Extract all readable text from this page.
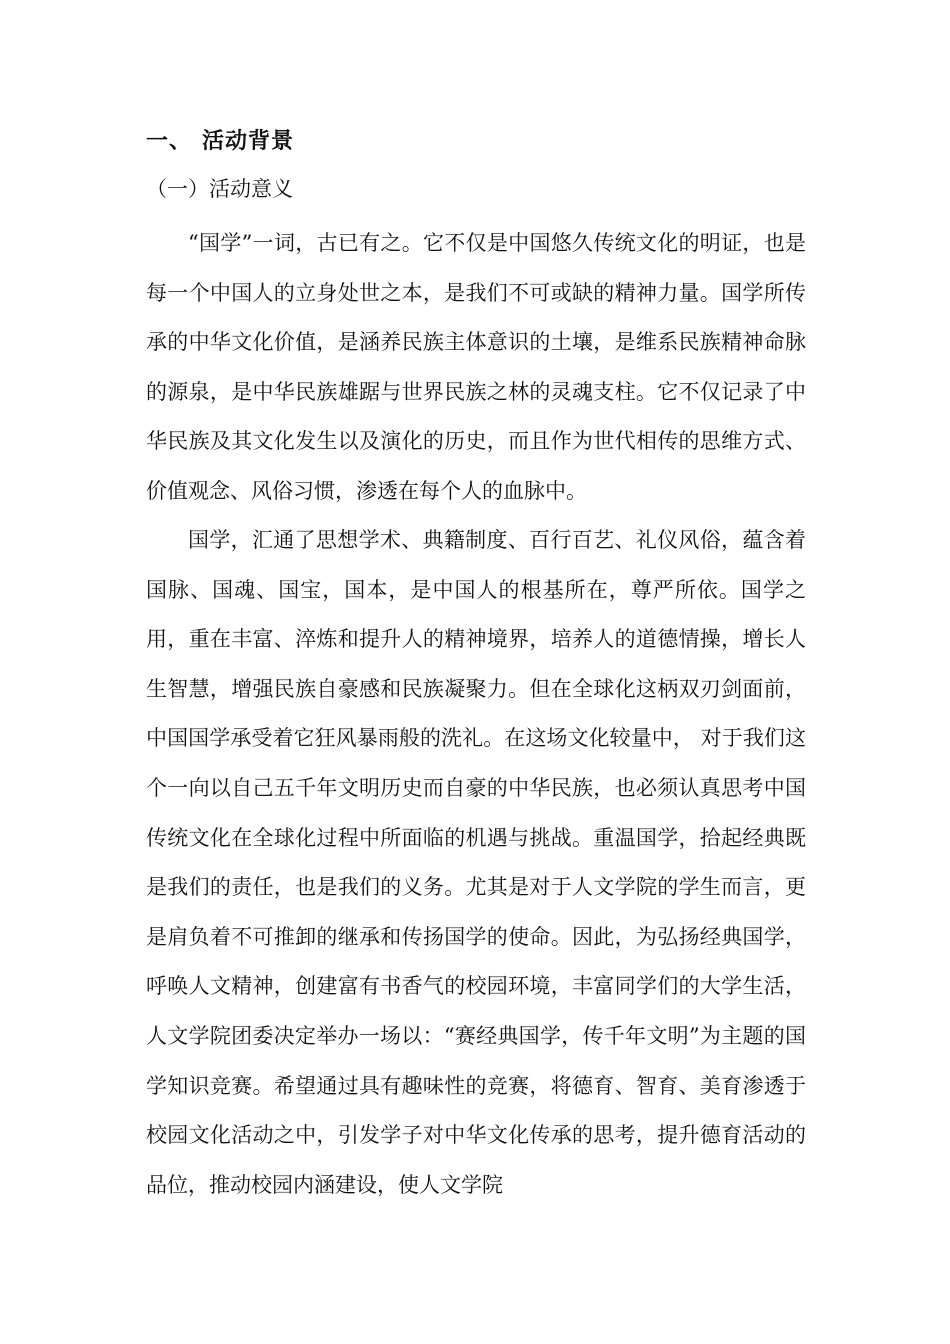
一、 活动背景
（一）活动意义

“国学”一词，古已有之。它不仅是中国悠久传统文化的明证，也是每一个中国人的立身处世之本，是我们不可或缺的精神力量。国学所传承的中华文化价值，是涵养民族主体意识的土壤，是维系民族精神命脉的源泉，是中华民族雄踞与世界民族之林的灵魂支柱。它不仅记录了中华民族及其文化发生以及演化的历史，而且作为世代相传的思维方式、价值观念、风俗习惯，渗透在每个人的血脉中。

国学，汇通了思想学术、典籍制度、百行百艺、礼仪风俗，蕴含着国脉、国魂、国宝，国本，是中国人的根基所在，尊严所依。国学之用，重在丰富、淬炼和提升人的精神境界，培养人的道德情操，增长人生智慧，增强民族自豪感和民族凝聚力。但在全球化这柄双刃剑面前，中国国学承受着它狂风暴雨般的洗礼。在这场文化较量中， 对于我们这个一向以自己五千年文明历史而自豪的中华民族，也必须认真思考中国传统文化在全球化过程中所面临的机遇与挑战。重温国学，拾起经典既是我们的责任，也是我们的义务。尤其是对于人文学院的学生而言，更是肩负着不可推卸的继承和传扬国学的使命。因此，为弘扬经典国学，呼唤人文精神，创建富有书香气的校园环境，丰富同学们的大学生活，人文学院团委决定举办一场以：“赛经典国学，传千年文明”为主题的国学知识竞赛。希望通过具有趣味性的竞赛，将德育、智育、美育渗透于校园文化活动之中，引发学子对中华文化传承的思考，提升德育活动的品位，推动校园内涵建设，使人文学院
